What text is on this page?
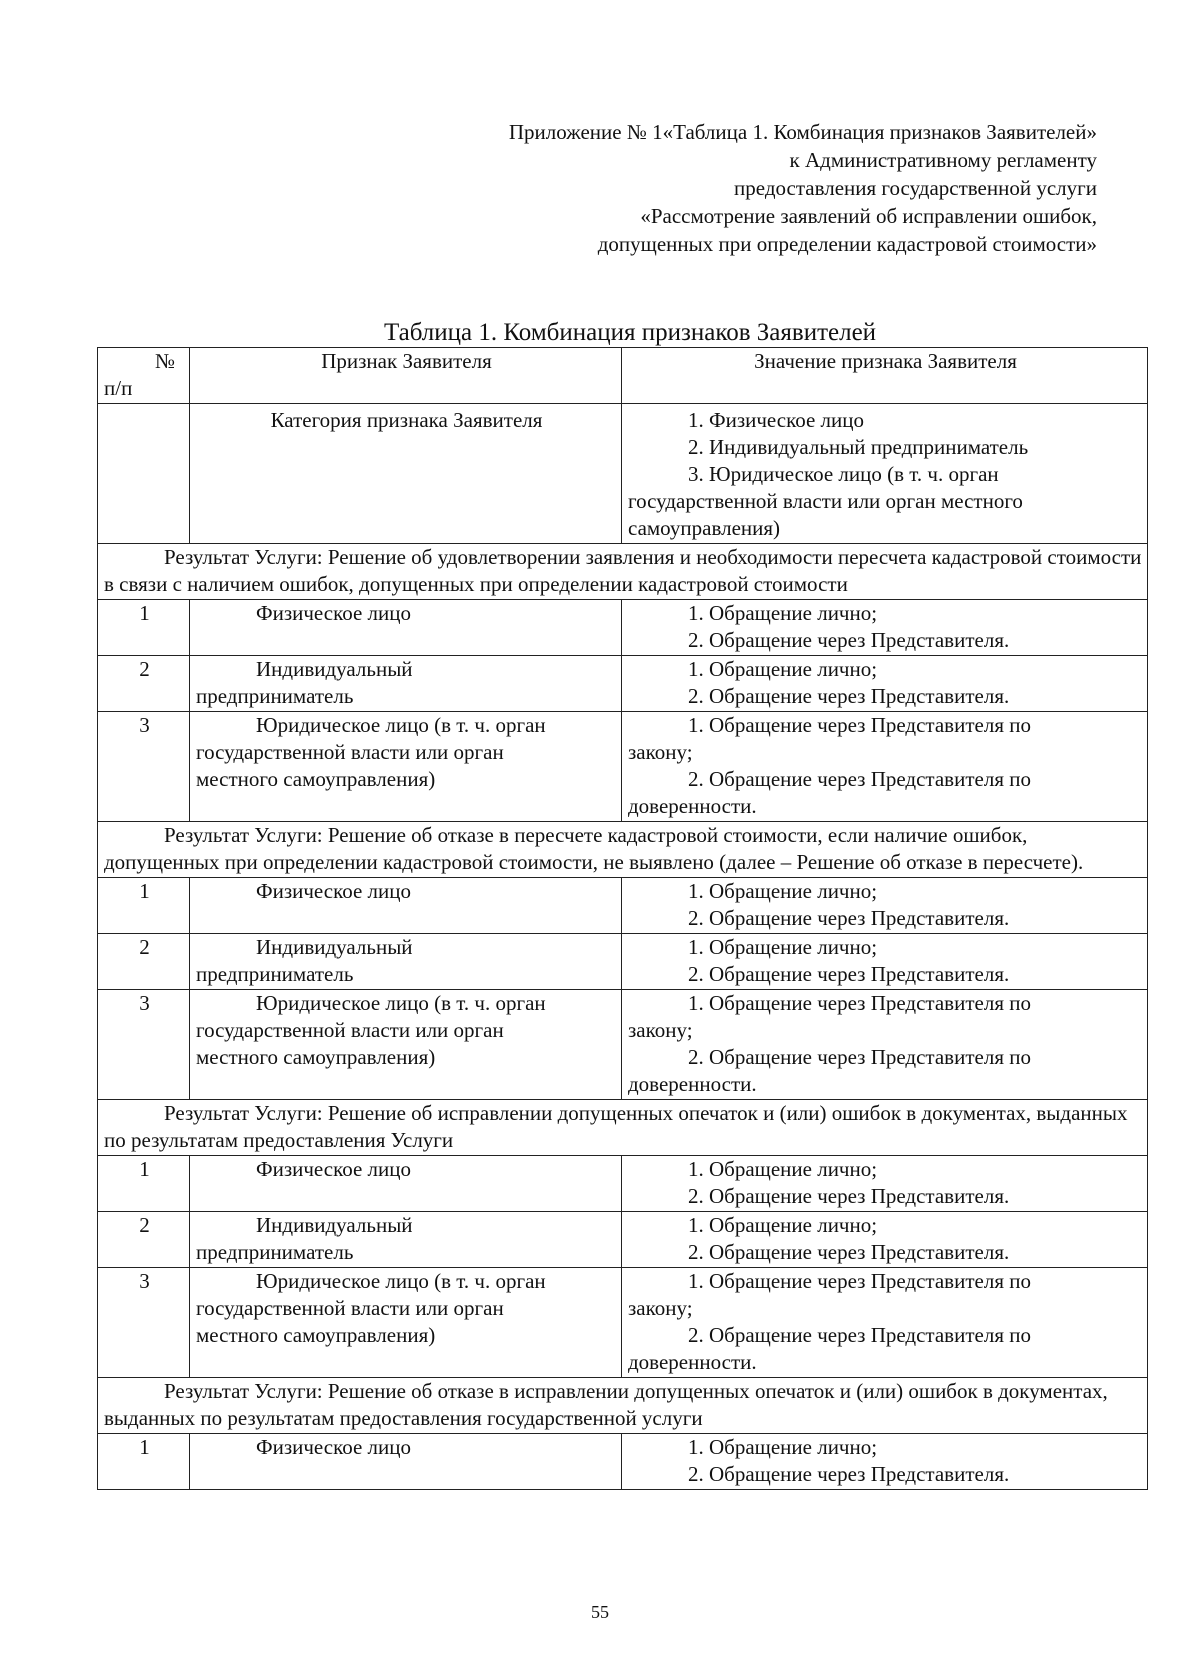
Приложение № 1«Таблица 1. Комбинация признаков Заявителей»
к Административному регламенту
предоставления государственной услуги
«Рассмотрение заявлений об исправлении ошибок,
допущенных при определении кадастровой стоимости»
Таблица 1. Комбинация признаков Заявителей
№
п/п	Признак Заявителя	Значение признака Заявителя
	Категория признака Заявителя	1. Физическое лицо
2. Индивидуальный предприниматель
3. Юридическое лицо (в т. ч. орган
государственной власти или орган местного
самоуправления)

Результат Услуги: Решение об удовлетворении заявления и необходимости пересчета кадастровой стоимости в связи с наличием ошибок, допущенных при определении кадастровой стоимости		
1	Физическое лицо	1. Обращение лично;
2. Обращение через Представителя.

2	Индивидуальный
предприниматель	1. Обращение лично;
2. Обращение через Представителя.

3	Юридическое лицо (в т. ч. орган
государственной власти или орган
местного самоуправления)	1. Обращение через Представителя по
закону;
2. Обращение через Представителя по
доверенности.

Результат Услуги: Решение об отказе в пересчете кадастровой стоимости, если наличие ошибок, допущенных при определении кадастровой стоимости, не выявлено (далее – Решение об отказе в пересчете).		
1	Физическое лицо	1. Обращение лично;
2. Обращение через Представителя.

2	Индивидуальный
предприниматель	1. Обращение лично;
2. Обращение через Представителя.

3	Юридическое лицо (в т. ч. орган
государственной власти или орган
местного самоуправления)	1. Обращение через Представителя по
закону;
2. Обращение через Представителя по
доверенности.

Результат Услуги: Решение об исправлении допущенных опечаток и (или) ошибок в документах, выданных по результатам предоставления Услуги		
1	Физическое лицо	1. Обращение лично;
2. Обращение через Представителя.

2	Индивидуальный
предприниматель	1. Обращение лично;
2. Обращение через Представителя.

3	Юридическое лицо (в т. ч. орган
государственной власти или орган
местного самоуправления)	1. Обращение через Представителя по
закону;
2. Обращение через Представителя по
доверенности.

Результат Услуги: Решение об отказе в исправлении допущенных опечаток и (или) ошибок в документах, выданных по результатам предоставления государственной услуги		
1	Физическое лицо	1. Обращение лично;
2. Обращение через Представителя.
55
